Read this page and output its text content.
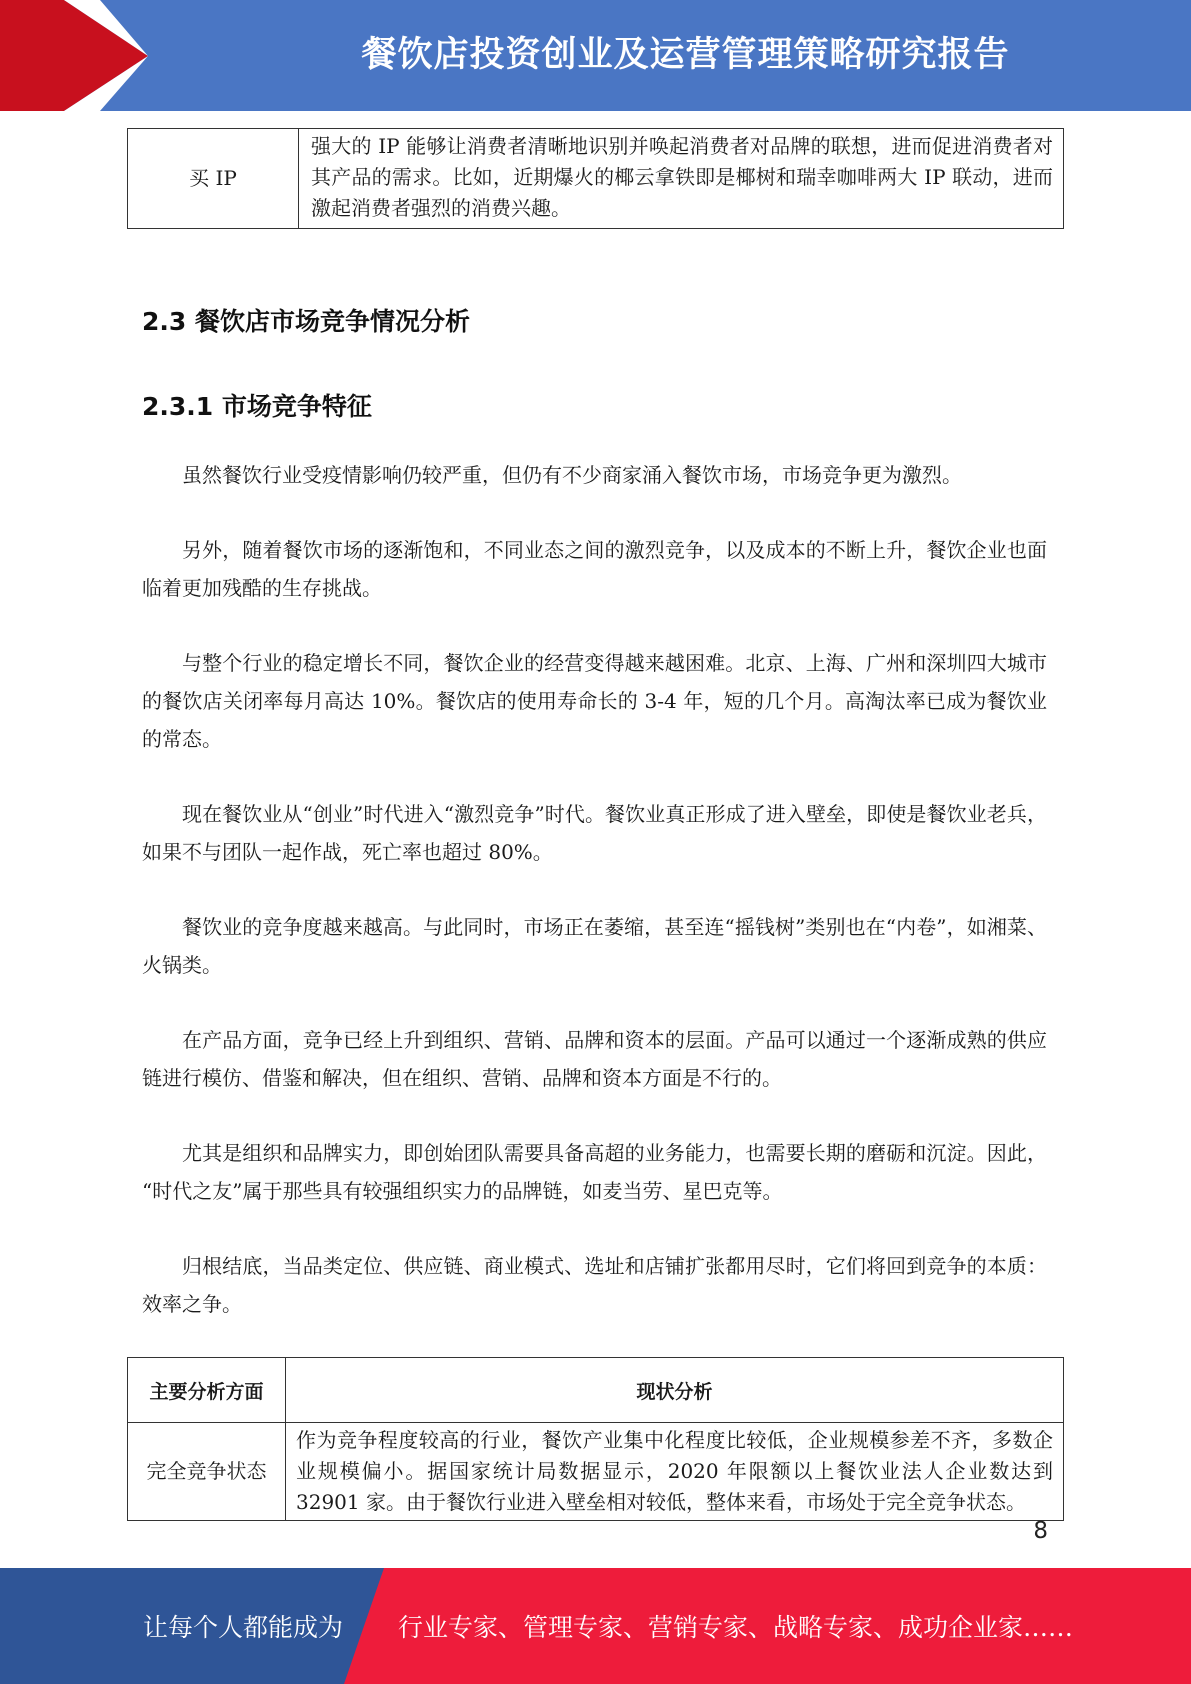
餐饮店投资创业及运营管理策略研究报告
买 IP	强大的 IP 能够让消费者清晰地识别并唤起消费者对品牌的联想，进而促进消费者对其产品的需求。比如，近期爆火的椰云拿铁即是椰树和瑞幸咖啡两大 IP 联动，进而激起消费者强烈的消费兴趣。
2.3 餐饮店市场竞争情况分析
2.3.1 市场竞争特征

虽然餐饮行业受疫情影响仍较严重，但仍有不少商家涌入餐饮市场，市场竞争更为激烈。

另外，随着餐饮市场的逐渐饱和，不同业态之间的激烈竞争，以及成本的不断上升，餐饮企业也面临着更加残酷的生存挑战。

与整个行业的稳定增长不同，餐饮企业的经营变得越来越困难。北京、上海、广州和深圳四大城市的餐饮店关闭率每月高达 10%。餐饮店的使用寿命长的 3-4 年，短的几个月。高淘汰率已成为餐饮业的常态。

现在餐饮业从“创业”时代进入“激烈竞争”时代。餐饮业真正形成了进入壁垒，即使是餐饮业老兵，如果不与团队一起作战，死亡率也超过 80%。

餐饮业的竞争度越来越高。与此同时，市场正在萎缩，甚至连“摇钱树”类别也在“内卷”，如湘菜、火锅类。

在产品方面，竞争已经上升到组织、营销、品牌和资本的层面。产品可以通过一个逐渐成熟的供应链进行模仿、借鉴和解决，但在组织、营销、品牌和资本方面是不行的。

尤其是组织和品牌实力，即创始团队需要具备高超的业务能力，也需要长期的磨砺和沉淀。因此， “时代之友”属于那些具有较强组织实力的品牌链，如麦当劳、星巴克等。

归根结底，当品类定位、供应链、商业模式、选址和店铺扩张都用尽时，它们将回到竞争的本质：效率之争。

主要分析方面	现状分析
完全竞争状态	作为竞争程度较高的行业，餐饮产业集中化程度比较低，企业规模参差不齐，多数企业规模偏小。据国家统计局数据显示，2020 年限额以上餐饮业法人企业数达到 32901 家。由于餐饮行业进入壁垒相对较低，整体来看，市场处于完全竞争状态。
8
让每个人都能成为 行业专家、管理专家、营销专家、战略专家、成功企业家……
